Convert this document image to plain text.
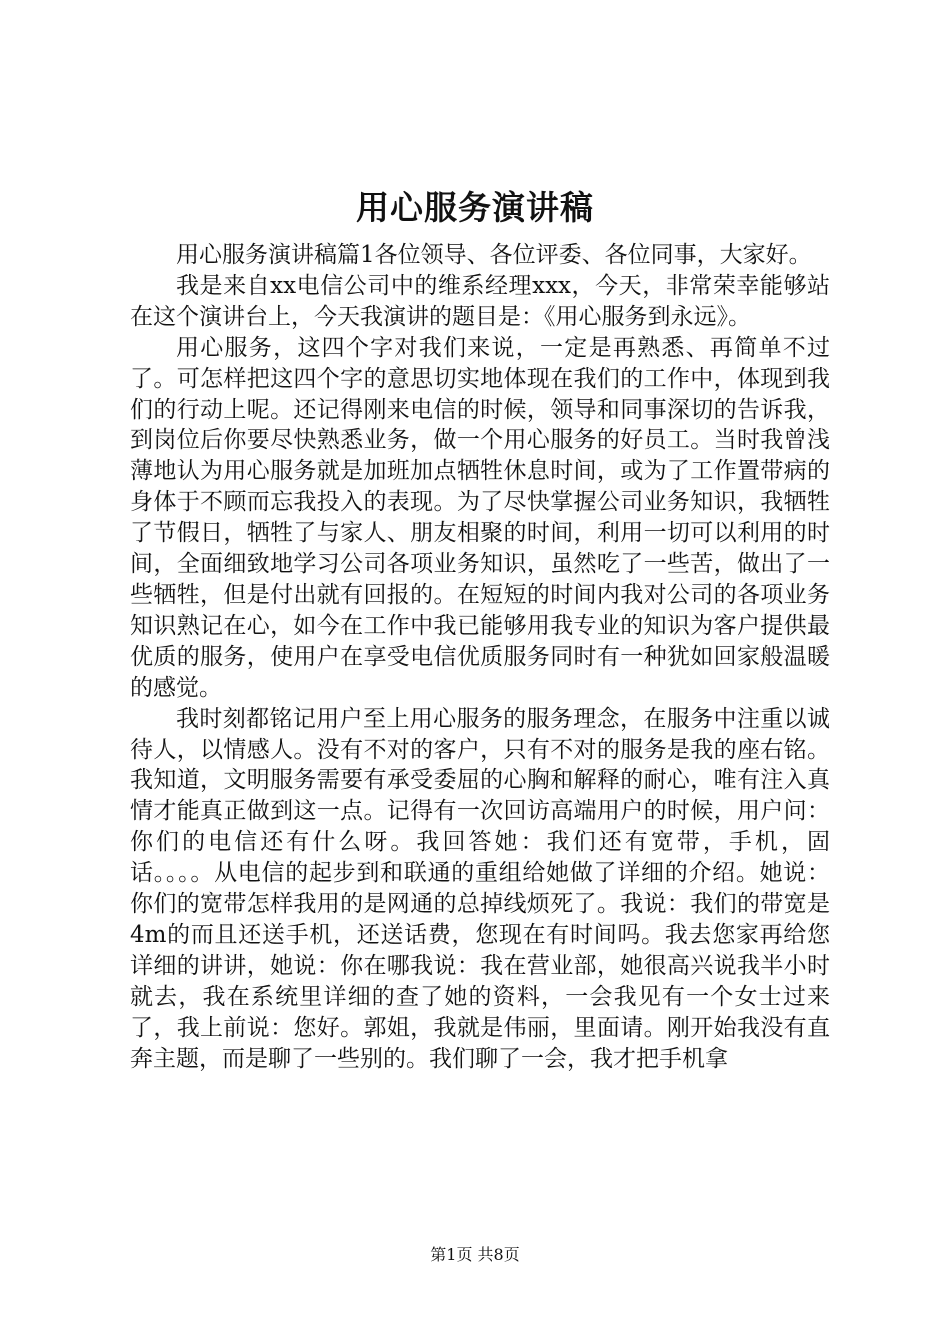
用心服务演讲稿

用心服务演讲稿篇1各位领导、各位评委、各位同事，大家好。

我是来自xx电信公司中的维系经理xxx，今天，非常荣幸能够站在这个演讲台上，今天我演讲的题目是：《用心服务到永远》。

用心服务，这四个字对我们来说，一定是再熟悉、再简单不过了。可怎样把这四个字的意思切实地体现在我们的工作中，体现到我们的行动上呢。还记得刚来电信的时候，领导和同事深切的告诉我，到岗位后你要尽快熟悉业务，做一个用心服务的好员工。当时我曾浅薄地认为用心服务就是加班加点牺牲休息时间，或为了工作置带病的身体于不顾而忘我投入的表现。为了尽快掌握公司业务知识，我牺牲了节假日，牺牲了与家人、朋友相聚的时间，利用一切可以利用的时间，全面细致地学习公司各项业务知识，虽然吃了一些苦，做出了一些牺牲，但是付出就有回报的。在短短的时间内我对公司的各项业务知识熟记在心，如今在工作中我已能够用我专业的知识为客户提供最优质的服务，使用户在享受电信优质服务同时有一种犹如回家般温暖的感觉。

我时刻都铭记用户至上用心服务的服务理念，在服务中注重以诚待人，以情感人。没有不对的客户，只有不对的服务是我的座右铭。我知道，文明服务需要有承受委屈的心胸和解释的耐心，唯有注入真情才能真正做到这一点。记得有一次回访高端用户的时候，用户问：你们的电信还有什么呀。我回答她：我们还有宽带，手机，固话。。。。从电信的起步到和联通的重组给她做了详细的介绍。她说：你们的宽带怎样我用的是网通的总掉线烦死了。我说：我们的带宽是4m的而且还送手机，还送话费，您现在有时间吗。我去您家再给您详细的讲讲，她说：你在哪我说：我在营业部，她很高兴说我半小时就去，我在系统里详细的查了她的资料，一会我见有一个女士过来了，我上前说：您好。郭姐，我就是伟丽，里面请。刚开始我没有直奔主题，而是聊了一些别的。我们聊了一会，我才把手机拿

第1页 共8页
